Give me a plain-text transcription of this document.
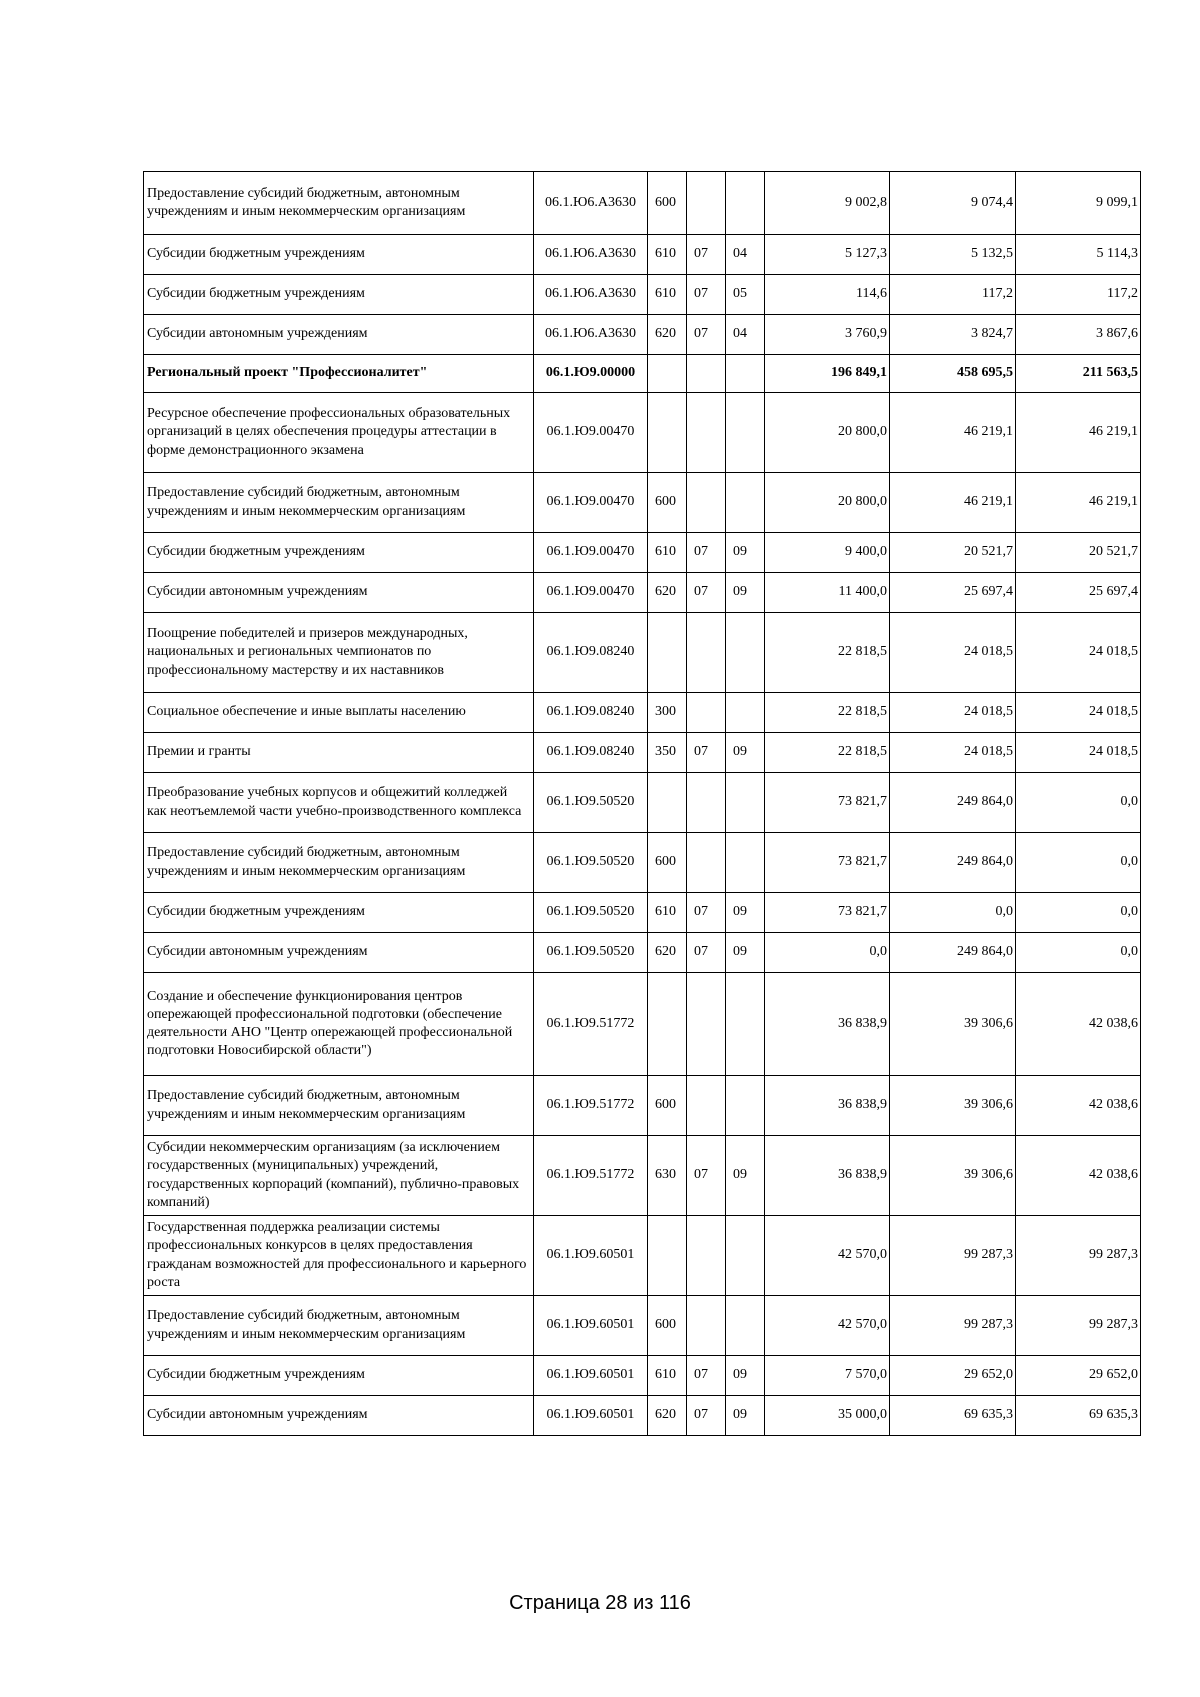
Предоставление субсидий бюджетным, автономным учреждениям и иным некоммерческим организациям	06.1.Ю6.А3630	600			9 002,8	9 074,4	9 099,1
Субсидии бюджетным учреждениям	06.1.Ю6.А3630	610	07	04	5 127,3	5 132,5	5 114,3
Субсидии бюджетным учреждениям	06.1.Ю6.А3630	610	07	05	114,6	117,2	117,2
Субсидии автономным учреждениям	06.1.Ю6.А3630	620	07	04	3 760,9	3 824,7	3 867,6
Региональный проект "Профессионалитет"	06.1.Ю9.00000				196 849,1	458 695,5	211 563,5
Ресурсное обеспечение профессиональных образовательных организаций в целях обеспечения процедуры аттестации в форме демонстрационного экзамена	06.1.Ю9.00470				20 800,0	46 219,1	46 219,1
Предоставление субсидий бюджетным, автономным учреждениям и иным некоммерческим организациям	06.1.Ю9.00470	600			20 800,0	46 219,1	46 219,1
Субсидии бюджетным учреждениям	06.1.Ю9.00470	610	07	09	9 400,0	20 521,7	20 521,7
Субсидии автономным учреждениям	06.1.Ю9.00470	620	07	09	11 400,0	25 697,4	25 697,4
Поощрение победителей и призеров международных, национальных и региональных чемпионатов по профессиональному мастерству и их наставников	06.1.Ю9.08240				22 818,5	24 018,5	24 018,5
Социальное обеспечение и иные выплаты населению	06.1.Ю9.08240	300			22 818,5	24 018,5	24 018,5
Премии и гранты	06.1.Ю9.08240	350	07	09	22 818,5	24 018,5	24 018,5
Преобразование учебных корпусов и общежитий колледжей как неотъемлемой части учебно-производственного комплекса	06.1.Ю9.50520				73 821,7	249 864,0	0,0
Предоставление субсидий бюджетным, автономным учреждениям и иным некоммерческим организациям	06.1.Ю9.50520	600			73 821,7	249 864,0	0,0
Субсидии бюджетным учреждениям	06.1.Ю9.50520	610	07	09	73 821,7	0,0	0,0
Субсидии автономным учреждениям	06.1.Ю9.50520	620	07	09	0,0	249 864,0	0,0
Создание и обеспечение функционирования центров опережающей профессиональной подготовки (обеспечение деятельности АНО "Центр опережающей профессиональной подготовки Новосибирской области")	06.1.Ю9.51772				36 838,9	39 306,6	42 038,6
Предоставление субсидий бюджетным, автономным учреждениям и иным некоммерческим организациям	06.1.Ю9.51772	600			36 838,9	39 306,6	42 038,6
Субсидии некоммерческим организациям (за исключением государственных (муниципальных) учреждений, государственных корпораций (компаний), публично-правовых компаний)	06.1.Ю9.51772	630	07	09	36 838,9	39 306,6	42 038,6
Государственная поддержка реализации системы профессиональных конкурсов в целях предоставления гражданам возможностей для профессионального и карьерного роста	06.1.Ю9.60501				42 570,0	99 287,3	99 287,3
Предоставление субсидий бюджетным, автономным учреждениям и иным некоммерческим организациям	06.1.Ю9.60501	600			42 570,0	99 287,3	99 287,3
Субсидии бюджетным учреждениям	06.1.Ю9.60501	610	07	09	7 570,0	29 652,0	29 652,0
Субсидии автономным учреждениям	06.1.Ю9.60501	620	07	09	35 000,0	69 635,3	69 635,3
Страница 28 из 116
